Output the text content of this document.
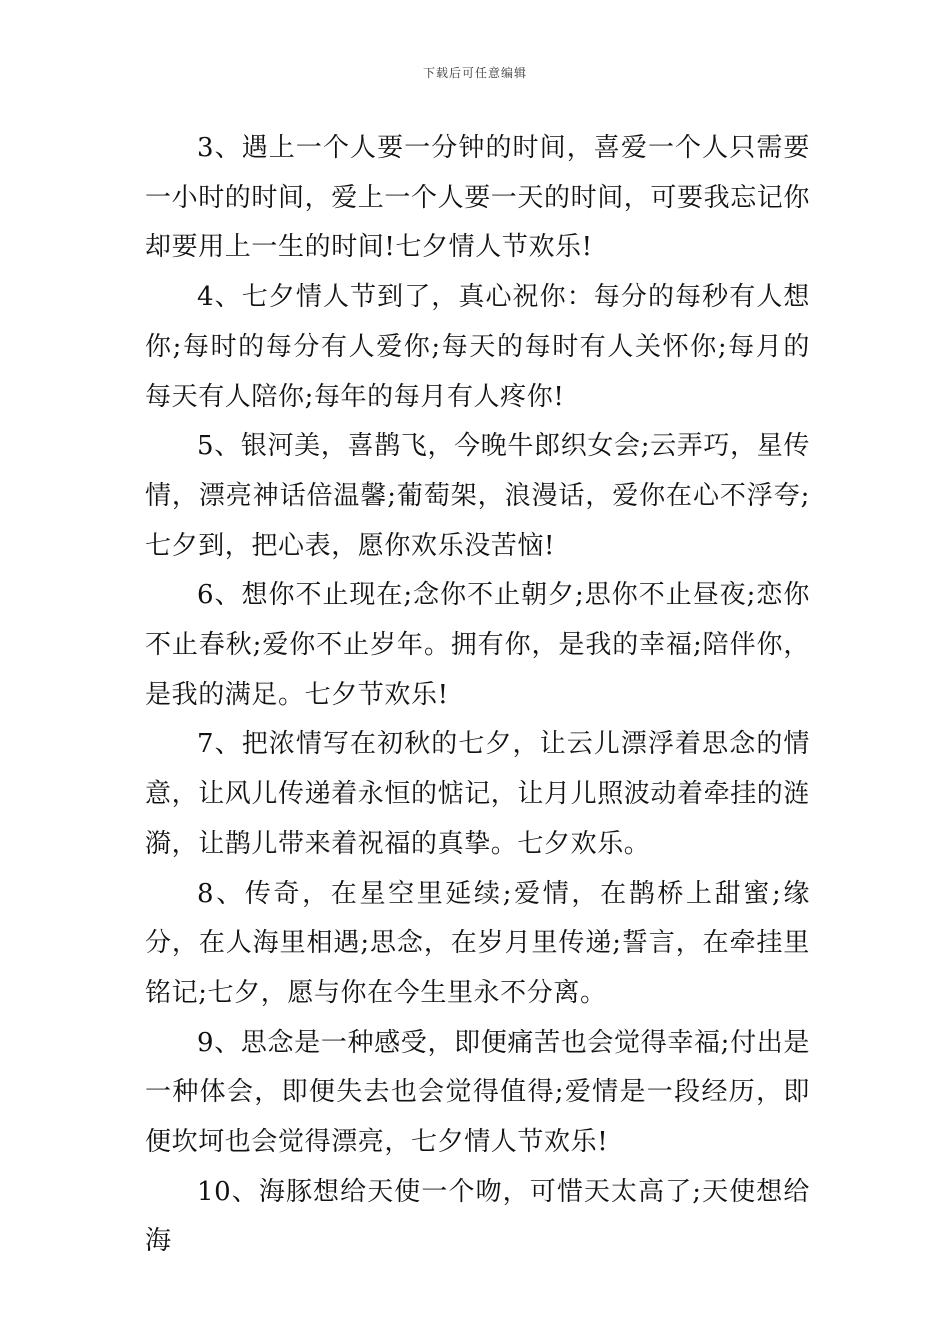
下载后可任意编辑

3、遇上一个人要一分钟的时间，喜爱一个人只需要一小时的时间，爱上一个人要一天的时间，可要我忘记你却要用上一生的时间!七夕情人节欢乐!

4、七夕情人节到了，真心祝你：每分的每秒有人想你;每时的每分有人爱你;每天的每时有人关怀你;每月的每天有人陪你;每年的每月有人疼你!

5、银河美，喜鹊飞，今晚牛郎织女会;云弄巧，星传情，漂亮神话倍温馨;葡萄架，浪漫话，爱你在心不浮夸;七夕到，把心表，愿你欢乐没苦恼!

6、想你不止现在;念你不止朝夕;思你不止昼夜;恋你不止春秋;爱你不止岁年。拥有你，是我的幸福;陪伴你，是我的满足。七夕节欢乐!

7、把浓情写在初秋的七夕，让云儿漂浮着思念的情意，让风儿传递着永恒的惦记，让月儿照波动着牵挂的涟漪，让鹊儿带来着祝福的真挚。七夕欢乐。

8、传奇，在星空里延续;爱情，在鹊桥上甜蜜;缘分，在人海里相遇;思念，在岁月里传递;誓言，在牵挂里铭记;七夕，愿与你在今生里永不分离。

9、思念是一种感受，即便痛苦也会觉得幸福;付出是一种体会，即便失去也会觉得值得;爱情是一段经历，即便坎坷也会觉得漂亮，七夕情人节欢乐!

10、海豚想给天使一个吻，可惜天太高了;天使想给海
